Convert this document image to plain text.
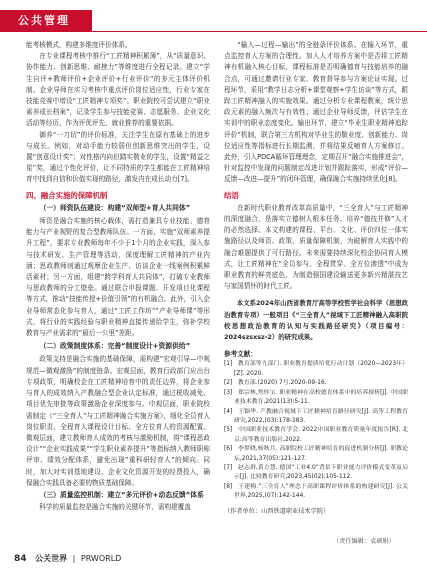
公共管理

能考核模式，构建多维度评价体系。

在专业课程考核中推行“工匠精神积累簿”，从“质量意识、协作能力、创新思维、耐挫力”等维度进行全程记录。建立“学生自评+教师评价+企业评价+行业评价”的多元主体评价机制。企业导师在实习考核中重点评价岗位适应性，行业专家在技能竞赛中增设“工匠精神专项奖”。职业院校可尝试建立“职业素养成长档案”，记录学生参与技能竞赛、志愿服务、企业文化活动等经历，作为评优评先、就业推荐的重要依据。

御养“一刀切”的评价标准，关注学生在原有基础上的进步与成长。例如，对动手能力较弱但创新思维突出的学生，设置“创意设计奖”；对性格内向但踏实敬业的学生，设置“精益之星”奖，通过个性化评价，让不同特质的学生都能在工匠精神培育中找到自信和价值实现的路径，激发内在成长动力[7]。

四、融合实施的保障机制

（一）师资队伍建设：构建“双师型+育人共同体”

师资是融合实施的核心载体，需打造兼具专业技能、德育能力与产业视野的复合型教师队伍。一方面，实施“双师素养提升工程”，要求专业教师每年不少于1个月的企业实践，深入参与技术研发、生产管理等活动，深度理解工匠精神的产业内涵；思政教师则通过观摩企业生产、访谈企业一线案例积累鲜活素材；另一方面，组建“跨学科育人共同体”，打破专业教师与思政教师的分工壁垒。通过联合申报课题、开发项目化课程等方式，推动“技能传授+价值引领”的有机融合。此外，引入企业导师常态化参与育人，通过“工匠工作坊”“产业导师课”等形式，将行业的实践经验与职业精神直接传递给学生，弥补学校教育与产业需求的“最后一公里”差距。

（二）政策制度体系：完善“制度设计+资源供给”

政策支持是融合实施的基础保障，需构建“宏观引导—中观规范—微观激励”的制度链条。宏观层面，教育行政部门应出台专项政策，明确校企在工匠精神培育中的责任边界，将企业参与育人的成效纳入产教融合型企业认定标准，通过税收减免、项目优先审批等政策激励企业深度参与。中观层面，职业院校需制定《“三全育人”与工匠精神融合实施方案》，细化全员育人岗位职责、全程育人课程设计目标、全方位育人的资源配置。微观层面，建立教师育人成效的考核与激励机制，将“课程思政设计”“企业实践成果”“学生职业素养提升”等指标纳入教师职称评审、绩效分配体系，避免出现“重科研轻育人”的倾向。同时，加大对实训基地建设、企业文化资源开发的经费投入，确保融合实践具备必要的物质基础保障。

（三）质量监控机制：建立“多元评价+动态反馈”体系

科学的质量监控是融合实施的关键环节，需构建覆盖

“输入—过程—输出”的全链条评价体系。在输入环节，重点监控育人方案的合理性。加入人才培养方案中是否将工匠精神有机融入核心目标，课程标准是否明确德育与技能培养的融合点，可通过邀请行业专家、教育督导参与方案论证实现。过程环节，采用“教学日志分析+课堂观察+学生访谈”等方式，跟踪工匠精神融入的实施效果。通过分析专业课程教案，统计思政元素的融入频次与有效性；通过企业导师反馈，评估学生在实训中的职业态度变化。输出环节，建立“毕业生职业精神追踪评价”机制，联合第三方机构对毕业生的敬业度、创新能力、岗位适应性等指标进行长期监测，并将结果反哺育人方案修订。此外，引入PDCA循环管理理念，定期召开“融合实施推进会”，针对监控中发现的问题制定改进计划并跟踪落实，形成“评价—反馈—改进—提升”的闭环管理，确保融合实施持续优化[8]。

结语

在新时代职业教育改革高质量中，“三全育人”与工匠精神的深度融合，是落实立德树人根本任务、培养“德技并修”人才的必然选择。本文构建的课程、平台、文化、评价四位一体实施路径以及师资、政策、质量保障机制，为破解育人实践中的融合难题提供了可行路径。未来需要持续深化校企协同育人模式，让工匠精神在“全员参与、全程贯穿、全方位渗透”中成为职业教育的鲜亮底色，为制造强国建设输送更多新兴精湛技艺与家国情怀的时代工匠。

本文系2024年山西省教育厅高等学校哲学社会科学（思想政治教育专项）一般项目《“三全育人”视域下工匠精神融入高职院校思想政治教育的认知与实践路径研究》（项目编号：2024szsxsz-2）的研究成果。

参考文献：

[1] 教育部等九部门. 职业教育提质培优行动计划（2020—2023年）[Z]. 2020.

[2] 教育部.(2020) 7号.2020-09-16.

[3] 郑宗林,焦怀宝. 职业精神在高校德育体系中的培养探析[J]. 中国职业技术教育,2021(13):5-11.

[4] 王颖华. 产教融合视域下工匠精神培育路径研究[J]. 高等工程教育研究,2022,(03):178-183.

[5] 中国职业技术教育学会. 2022中国职业教育质量年度报告[R]. 北京:高等教育出版社,2022.

[6] 李梦晓,杨秋月. 高职院校工匠精神培育的促进机制分析[J]. 职教论坛,2021,37(05):121-127.

[7] 赵志群,黄方慧. 德国“工业4.0”背景下职业能力评价模式变革及启示[J]. 比较教育研究,2023,45(02):105-112.

[8] 王建梅.“三全育人”理念下高职课程评价体系的构建研究[J]. 公关世界,2025,(07):142-144.

（作者单位：山西铁道职业技术学院）

（责任编辑：袁硕娟）
84 公关世界 | PRWORLD
